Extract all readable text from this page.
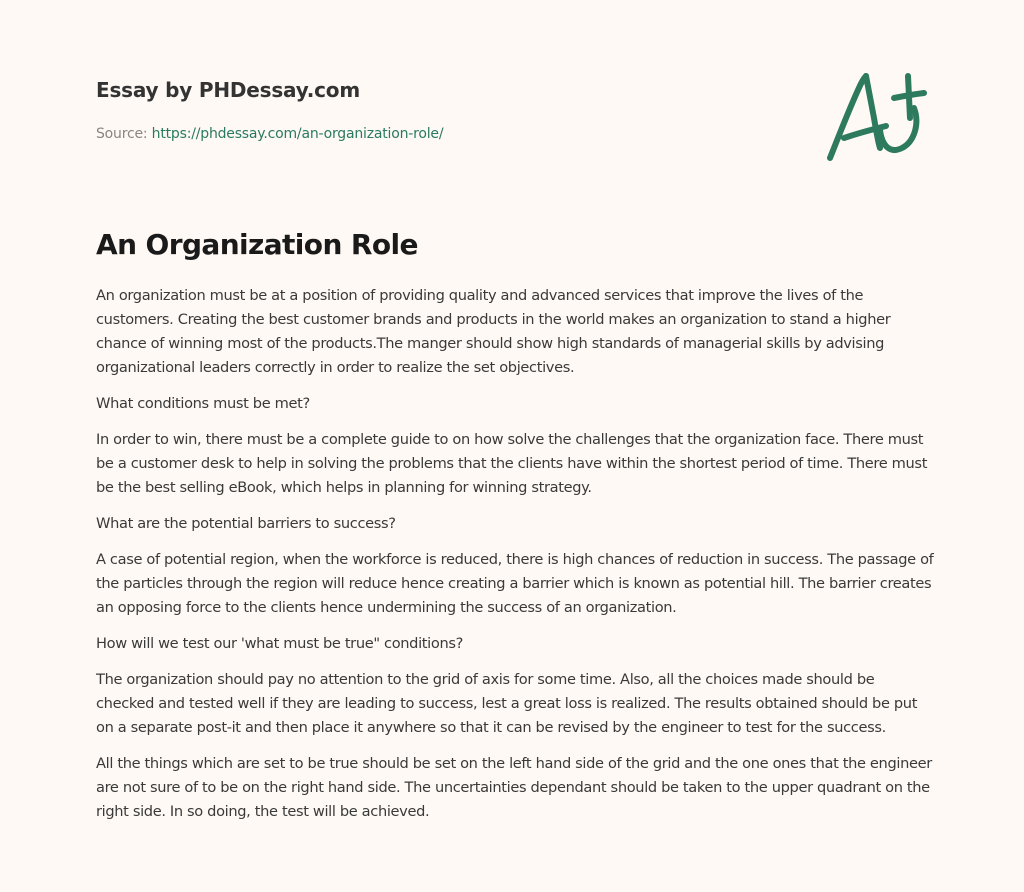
Essay by PHDessay.com
Source: https://phdessay.com/an-organization-role/
An Organization Role

An organization must be at a position of providing quality and advanced services that improve the lives of the customers. Creating the best customer brands and products in the world makes an organization to stand a higher chance of winning most of the products.The manger should show high standards of managerial skills by advising organizational leaders correctly in order to realize the set objectives.

What conditions must be met?

In order to win, there must be a complete guide to on how solve the challenges that the organization face. There must be a customer desk to help in solving the problems that the clients have within the shortest period of time. There must be the best selling eBook, which helps in planning for winning strategy.

What are the potential barriers to success?

A case of potential region, when the workforce is reduced, there is high chances of reduction in success. The passage of the particles through the region will reduce hence creating a barrier which is known as potential hill. The barrier creates an opposing force to the clients hence undermining the success of an organization.

How will we test our 'what must be true" conditions?

The organization should pay no attention to the grid of axis for some time. Also, all the choices made should be checked and tested well if they are leading to success, lest a great loss is realized. The results obtained should be put on a separate post-it and then place it anywhere so that it can be revised by the engineer to test for the success.

All the things which are set to be true should be set on the left hand side of the grid and the one ones that the engineer are not sure of to be on the right hand side. The uncertainties dependant should be taken to the upper quadrant on the right side. In so doing, the test will be achieved.
